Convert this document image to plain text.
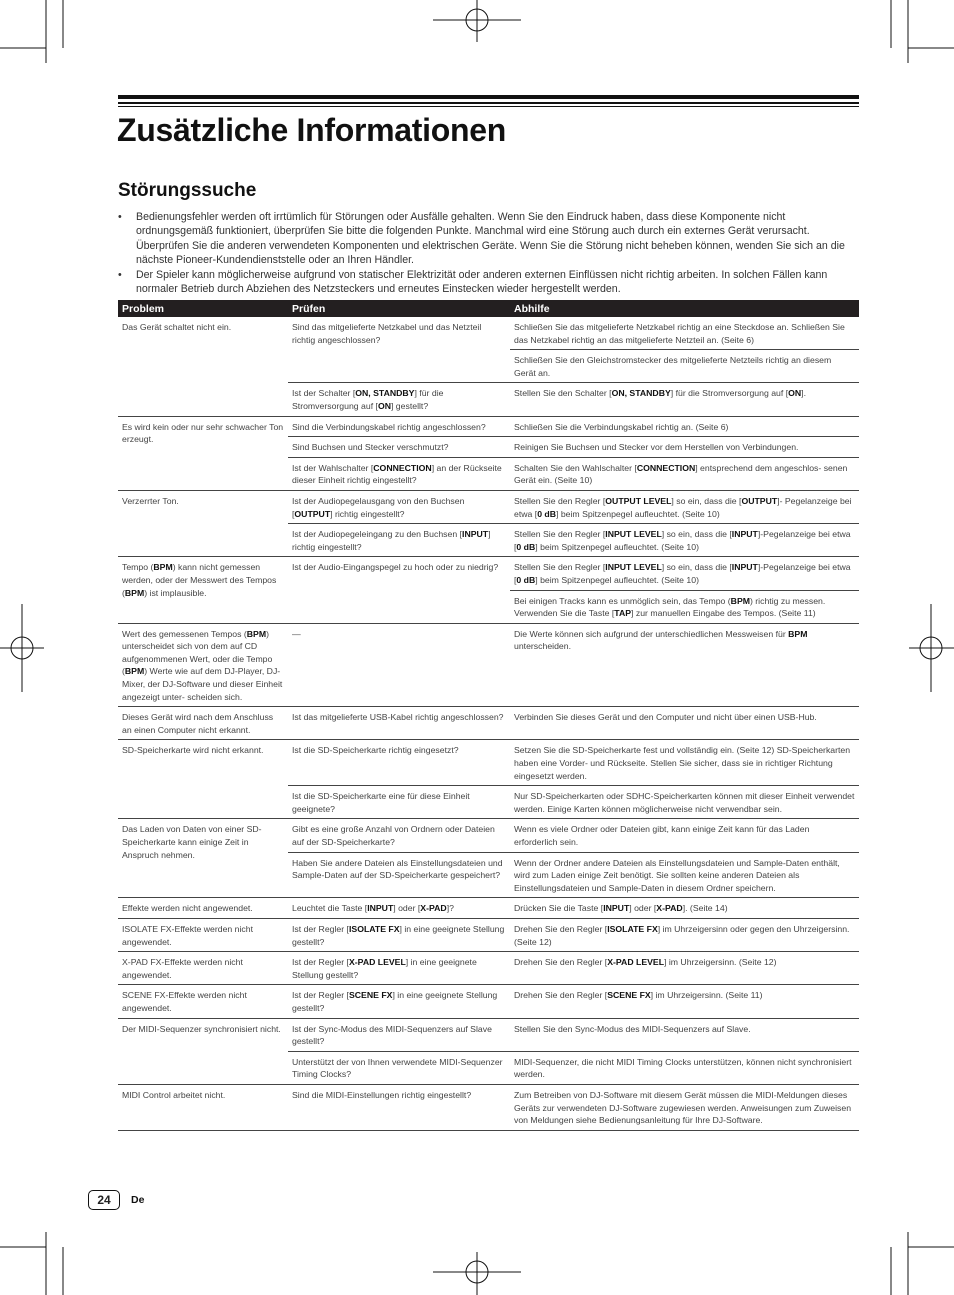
Zusätzliche Informationen
Störungssuche
• Bedienungsfehler werden oft irrtümlich für Störungen oder Ausfälle gehalten. Wenn Sie den Eindruck haben, dass diese Komponente nicht ordnungsgemäß funktioniert, überprüfen Sie bitte die folgenden Punkte. Manchmal wird eine Störung auch durch ein externes Gerät verursacht. Überprüfen Sie die anderen verwendeten Komponenten und elektrischen Geräte. Wenn Sie die Störung nicht beheben können, wenden Sie sich an die nächste Pioneer-Kundendienststelle oder an Ihren Händler.
• Der Spieler kann möglicherweise aufgrund von statischer Elektrizität oder anderen externen Einflüssen nicht richtig arbeiten. In solchen Fällen kann normaler Betrieb durch Abziehen des Netzsteckers und erneutes Einstecken wieder hergestellt werden.
Problem	Prüfen	Abhilfe
Das Gerät schaltet nicht ein.	Sind das mitgelieferte Netzkabel und das Netzteil richtig angeschlossen?	Schließen Sie das mitgelieferte Netzkabel richtig an eine Steckdose an. Schließen Sie das Netzkabel richtig an das mitgelieferte Netzteil an. (Seite 6)
		Schließen Sie den Gleichstromstecker des mitgelieferte Netzteils richtig an diesem Gerät an.
	Ist der Schalter [ON, STANDBY] für die Stromversorgung auf [ON] gestellt?	Stellen Sie den Schalter [ON, STANDBY] für die Stromversorgung auf [ON].
Es wird kein oder nur sehr schwacher Ton erzeugt.	Sind die Verbindungskabel richtig angeschlossen?	Schließen Sie die Verbindungskabel richtig an. (Seite 6)
	Sind Buchsen und Stecker verschmutzt?	Reinigen Sie Buchsen und Stecker vor dem Herstellen von Verbindungen.
	Ist der Wahlschalter [CONNECTION] an der Rückseite dieser Einheit richtig eingestellt?	Schalten Sie den Wahlschalter [CONNECTION] entsprechend dem angeschlos- senen Gerät ein. (Seite 10)
Verzerrter Ton.	Ist der Audiopegelausgang von den Buchsen [OUTPUT] richtig eingestellt?	Stellen Sie den Regler [OUTPUT LEVEL] so ein, dass die [OUTPUT]- Pegelanzeige bei etwa [0 dB] beim Spitzenpegel aufleuchtet. (Seite 10)
	Ist der Audiopegeleingang zu den Buchsen [INPUT] richtig eingestellt?	Stellen Sie den Regler [INPUT LEVEL] so ein, dass die [INPUT]-Pegelanzeige bei etwa [0 dB] beim Spitzenpegel aufleuchtet. (Seite 10)
Tempo (BPM) kann nicht gemessen werden, oder der Messwert des Tempos (BPM) ist implausible.	Ist der Audio-Eingangspegel zu hoch oder zu niedrig?	Stellen Sie den Regler [INPUT LEVEL] so ein, dass die [INPUT]-Pegelanzeige bei etwa [0 dB] beim Spitzenpegel aufleuchtet. (Seite 10)
		Bei einigen Tracks kann es unmöglich sein, das Tempo (BPM) richtig zu messen. Verwenden Sie die Taste [TAP] zur manuellen Eingabe des Tempos. (Seite 11)
Wert des gemessenen Tempos (BPM) unterscheidet sich von dem auf CD aufgenommenen Wert, oder die Tempo (BPM) Werte wie auf dem DJ-Player, DJ-Mixer, der DJ-Software und dieser Einheit angezeigt unter- scheiden sich.	—	Die Werte können sich aufgrund der unterschiedlichen Messweisen für BPM unterscheiden.
Dieses Gerät wird nach dem Anschluss an einen Computer nicht erkannt.	Ist das mitgelieferte USB-Kabel richtig angeschlossen?	Verbinden Sie dieses Gerät und den Computer und nicht über einen USB-Hub.
SD-Speicherkarte wird nicht erkannt.	Ist die SD-Speicherkarte richtig eingesetzt?	Setzen Sie die SD-Speicherkarte fest und vollständig ein. (Seite 12) SD-Speicherkarten haben eine Vorder- und Rückseite. Stellen Sie sicher, dass sie in richtiger Richtung eingesetzt werden.
	Ist die SD-Speicherkarte eine für diese Einheit geeignete?	Nur SD-Speicherkarten oder SDHC-Speicherkarten können mit dieser Einheit verwendet werden. Einige Karten können möglicherweise nicht verwendbar sein.
Das Laden von Daten von einer SD-Speicherkarte kann einige Zeit in Anspruch nehmen.	Gibt es eine große Anzahl von Ordnern oder Dateien auf der SD-Speicherkarte?	Wenn es viele Ordner oder Dateien gibt, kann einige Zeit kann für das Laden erforderlich sein.
	Haben Sie andere Dateien als Einstellungsdateien und Sample-Daten auf der SD-Speicherkarte gespeichert?	Wenn der Ordner andere Dateien als Einstellungsdateien und Sample-Daten enthält, wird zum Laden einige Zeit benötigt. Sie sollten keine anderen Dateien als Einstellungsdateien und Sample-Daten in diesem Ordner speichern.
Effekte werden nicht angewendet.	Leuchtet die Taste [INPUT] oder [X-PAD]?	Drücken Sie die Taste [INPUT] oder [X-PAD]. (Seite 14)
ISOLATE FX-Effekte werden nicht angewendet.	Ist der Regler [ISOLATE FX] in eine geeignete Stellung gestellt?	Drehen Sie den Regler [ISOLATE FX] im Uhrzeigersinn oder gegen den Uhrzeigersinn. (Seite 12)
X-PAD FX-Effekte werden nicht angewendet.	Ist der Regler [X-PAD LEVEL] in eine geeignete Stellung gestellt?	Drehen Sie den Regler [X-PAD LEVEL] im Uhrzeigersinn. (Seite 12)
SCENE FX-Effekte werden nicht angewendet.	Ist der Regler [SCENE FX] in eine geeignete Stellung gestellt?	Drehen Sie den Regler [SCENE FX] im Uhrzeigersinn. (Seite 11)
Der MIDI-Sequenzer synchronisiert nicht.	Ist der Sync-Modus des MIDI-Sequenzers auf Slave gestellt?	Stellen Sie den Sync-Modus des MIDI-Sequenzers auf Slave.
	Unterstützt der von Ihnen verwendete MIDI-Sequenzer Timing Clocks?	MIDI-Sequenzer, die nicht MIDI Timing Clocks unterstützen, können nicht synchronisiert werden.
MIDI Control arbeitet nicht.	Sind die MIDI-Einstellungen richtig eingestellt?	Zum Betreiben von DJ-Software mit diesem Gerät müssen die MIDI-Meldungen dieses Geräts zur verwendeten DJ-Software zugewiesen werden. Anweisungen zum Zuweisen von Meldungen siehe Bedienungsanleitung für Ihre DJ-Software.
24	De
